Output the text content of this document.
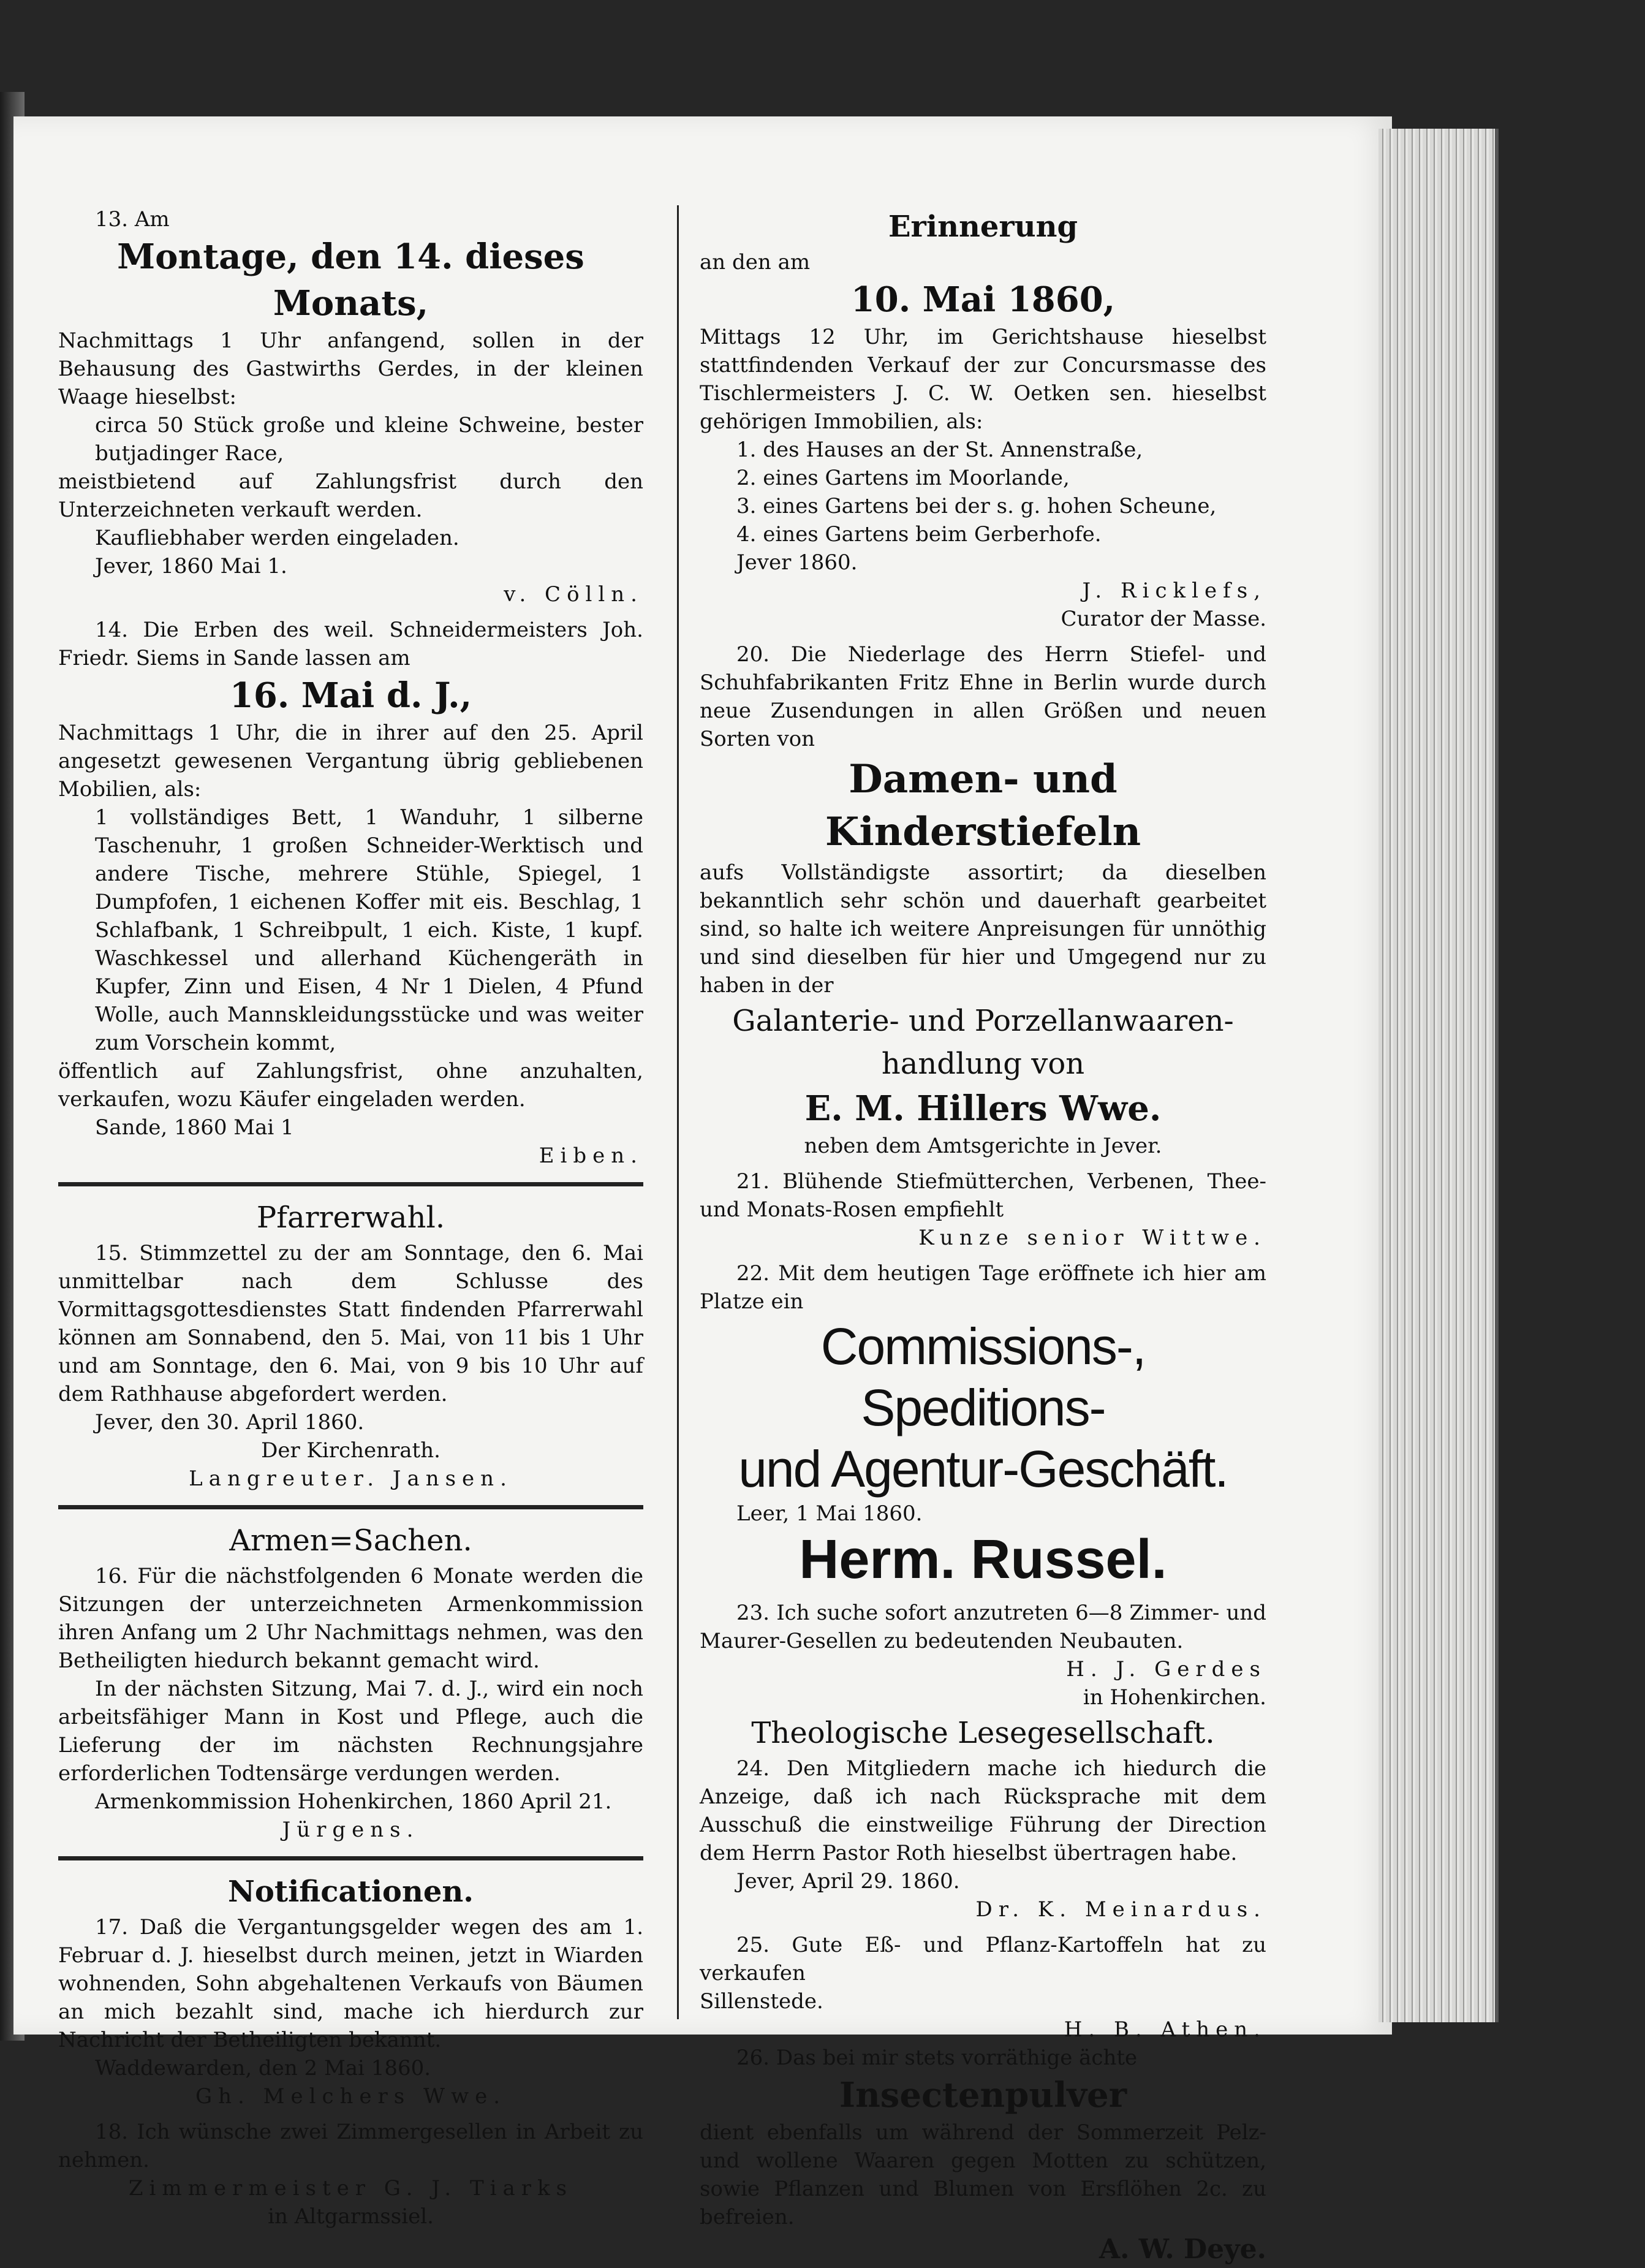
13. Am

Montage, den 14. dieses Monats,

Nachmittags 1 Uhr anfangend, sollen in der Behausung des Gastwirths Gerdes, in der kleinen Waage hieselbst:

circa 50 Stück große und kleine Schweine, bester butjadinger Race,

meistbietend auf Zahlungsfrist durch den Unterzeichneten verkauft werden.

Kaufliebhaber werden eingeladen.

Jever, 1860 Mai 1.

v. Cölln.

14. Die Erben des weil. Schneidermeisters Joh. Friedr. Siems in Sande lassen am

16. Mai d. J.,

Nachmittags 1 Uhr, die in ihrer auf den 25. April angesetzt gewesenen Vergantung übrig gebliebenen Mobilien, als:

1 vollständiges Bett, 1 Wanduhr, 1 silberne Taschenuhr, 1 großen Schneider-Werktisch und andere Tische, mehrere Stühle, Spiegel, 1 Dumpfofen, 1 eichenen Koffer mit eis. Beschlag, 1 Schlafbank, 1 Schreibpult, 1 eich. Kiste, 1 kupf. Waschkessel und allerhand Küchengeräth in Kupfer, Zinn und Eisen, 4 Nr 1 Dielen, 4 Pfund Wolle, auch Mannskleidungsstücke und was weiter zum Vorschein kommt,

öffentlich auf Zahlungsfrist, ohne anzuhalten, verkaufen, wozu Käufer eingeladen werden.

Sande, 1860 Mai 1

Eiben.

Pfarrerwahl.

15. Stimmzettel zu der am Sonntage, den 6. Mai unmittelbar nach dem Schlusse des Vormittagsgottesdienstes Statt findenden Pfarrerwahl können am Sonnabend, den 5. Mai, von 11 bis 1 Uhr und am Sonntage, den 6. Mai, von 9 bis 10 Uhr auf dem Rathhause abgefordert werden.

Jever, den 30. April 1860.

Der Kirchenrath.

Langreuter. Jansen.

Armen=Sachen.

16. Für die nächstfolgenden 6 Monate werden die Sitzungen der unterzeichneten Armenkommission ihren Anfang um 2 Uhr Nachmittags nehmen, was den Betheiligten hiedurch bekannt gemacht wird.

In der nächsten Sitzung, Mai 7. d. J., wird ein noch arbeitsfähiger Mann in Kost und Pflege, auch die Lieferung der im nächsten Rechnungsjahre erforderlichen Todtensärge verdungen werden.

Armenkommission Hohenkirchen, 1860 April 21.

Jürgens.

Notificationen.

17. Daß die Vergantungsgelder wegen des am 1. Februar d. J. hieselbst durch meinen, jetzt in Wiarden wohnenden, Sohn abgehaltenen Verkaufs von Bäumen an mich bezahlt sind, mache ich hierdurch zur Nachricht der Betheiligten bekannt.

Waddewarden, den 2 Mai 1860.

Gh. Melchers Wwe.

18. Ich wünsche zwei Zimmergesellen in Arbeit zu nehmen.

Zimmermeister G. J. Tiarks

in Altgarmssiel.

Erinnerung

an den am

10. Mai 1860,

Mittags 12 Uhr, im Gerichtshause hieselbst stattfindenden Verkauf der zur Concursmasse des Tischlermeisters J. C. W. Oetken sen. hieselbst gehörigen Immobilien, als:

1. des Hauses an der St. Annenstraße,

2. eines Gartens im Moorlande,

3. eines Gartens bei der s. g. hohen Scheune,

4. eines Gartens beim Gerberhofe.

Jever 1860.

J. Ricklefs,

Curator der Masse.

20. Die Niederlage des Herrn Stiefel- und Schuhfabrikanten Fritz Ehne in Berlin wurde durch neue Zusendungen in allen Größen und neuen Sorten von

Damen- und Kinderstiefeln

aufs Vollständigste assortirt; da dieselben bekanntlich sehr schön und dauerhaft gearbeitet sind, so halte ich weitere Anpreisungen für unnöthig und sind dieselben für hier und Umgegend nur zu haben in der

Galanterie- und Porzellanwaaren-

handlung von

E. M. Hillers Wwe.

neben dem Amtsgerichte in Jever.

21. Blühende Stiefmütterchen, Verbenen, Thee- und Monats-Rosen empfiehlt

Kunze senior Wittwe.

22. Mit dem heutigen Tage eröffnete ich hier am Platze ein

Commissions-, Speditions-

und Agentur-Geschäft.

Leer, 1 Mai 1860.

Herm. Russel.

23. Ich suche sofort anzutreten 6—8 Zimmer- und Maurer-Gesellen zu bedeutenden Neubauten.

H. J. Gerdes

in Hohenkirchen.

Theologische Lesegesellschaft.

24. Den Mitgliedern mache ich hiedurch die Anzeige, daß ich nach Rücksprache mit dem Ausschuß die einstweilige Führung der Direction dem Herrn Pastor Roth hieselbst übertragen habe.

Jever, April 29. 1860.

Dr. K. Meinardus.

25. Gute Eß- und Pflanz-Kartoffeln hat zu verkaufen

Sillenstede.

H. B. Athen.

26. Das bei mir stets vorräthige ächte

Insectenpulver

dient ebenfalls um während der Sommerzeit Pelz- und wollene Waaren gegen Motten zu schützen, sowie Pflanzen und Blumen von Ersflöhen 2c. zu befreien.

A. W. Deye.
